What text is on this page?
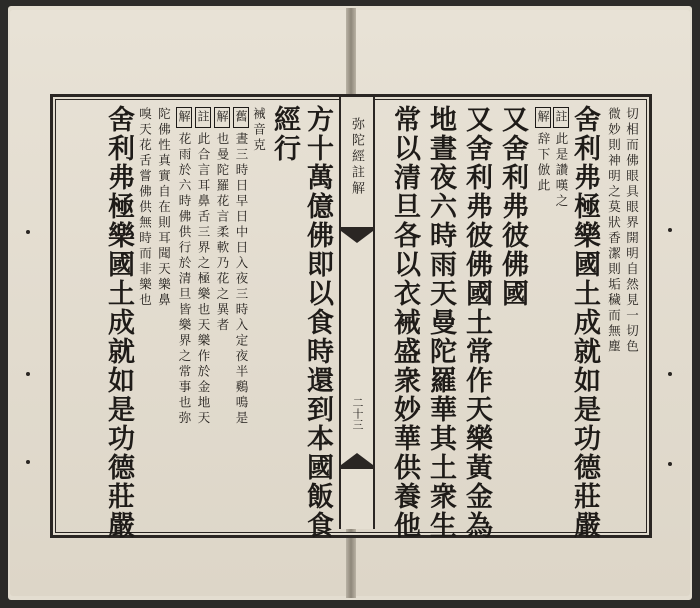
切相而佛眼具眼界開明自然見一切色
微妙則神明之莫狀香潔則垢穢而無塵
舍利弗極樂國土成就如是功德莊嚴
註此是讚嘆之
解辞下倣此
又舍利弗彼佛國
又舍利弗彼佛國土常作天樂黃金為
地晝夜六時雨天曼陀羅華其土衆生
常以清旦各以衣裓盛衆妙華供養他
方十萬億佛即以食時還到本國飯食
經行
裓音克
舊晝三時日早日中日入夜三時入定夜半鷄鳴是
解也曼陀羅花言柔軟乃花之異者
註此合言耳鼻舌三界之極樂也天樂作於金地天
解花雨於六時佛供行於清旦皆樂界之常事也弥
陀佛性真實自在則耳聞天樂鼻
嗅天花舌嘗佛供無時而非樂也
舍利弗極樂國土成就如是功德莊嚴	弥陀經註解
二十三
